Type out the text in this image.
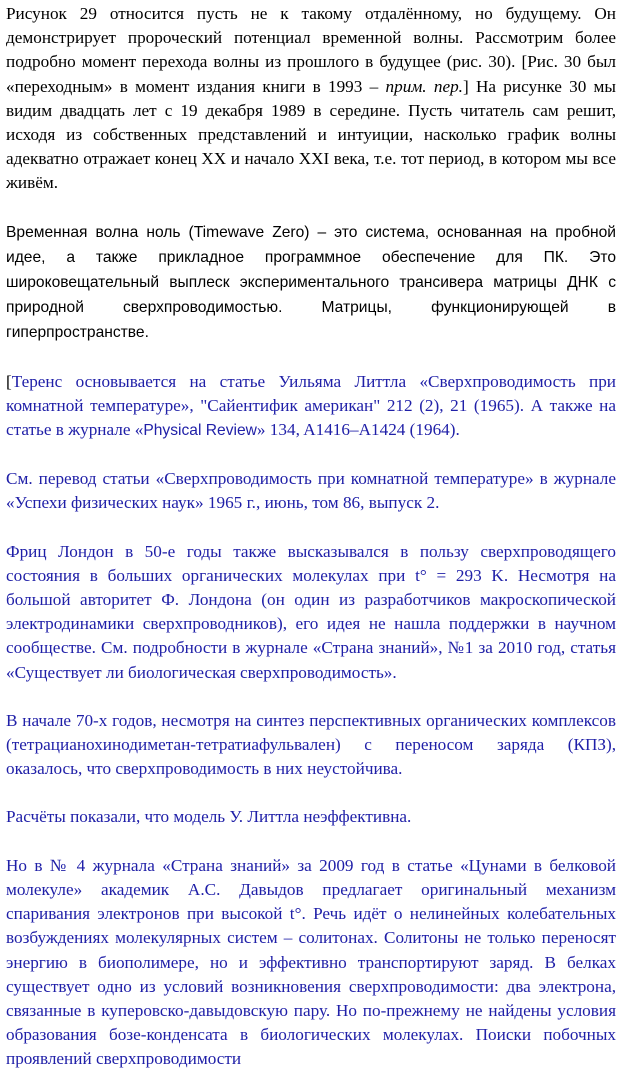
Рисунок 29 относится пусть не к такому отдалённому, но будущему. Он демонстрирует пророческий потенциал временной волны. Рассмотрим более подробно момент перехода волны из прошлого в будущее (рис. 30). [Рис. 30 был «переходным» в момент издания книги в 1993 – прим. пер.] На рисунке 30 мы видим двадцать лет с 19 декабря 1989 в середине. Пусть читатель сам решит, исходя из собственных представлений и интуиции, насколько график волны адекватно отражает конец XX и начало XXI века, т.е. тот период, в котором мы все живём.

Временная волна ноль (Timewave Zero) – это система, основанная на пробной идее, а также прикладное программное обеспечение для ПК. Это широковещательный выплеск экспериментального трансивера матрицы ДНК с природной сверхпроводимостью. Матрицы, функционирующей в гиперпространстве.

[Теренс основывается на статье Уильяма Литтла «Сверхпроводимость при комнатной температуре», "Сайентифик американ" 212 (2), 21 (1965). А также на статье в журнале «Physical Review» 134, A1416–A1424 (1964).

См. перевод статьи «Сверхпроводимость при комнатной температуре» в журнале «Успехи физических наук» 1965 г., июнь, том 86, выпуск 2.

Фриц Лондон в 50-е годы также высказывался в пользу сверхпроводящего состояния в больших органических молекулах при t° = 293 K. Несмотря на большой авторитет Ф. Лондона (он один из разработчиков макроскопической электродинамики сверхпроводников), его идея не нашла поддержки в научном сообществе. См. подробности в журнале «Страна знаний», №1 за 2010 год, статья «Существует ли биологическая сверхпроводимость».

В начале 70-х годов, несмотря на синтез перспективных органических комплексов (тетрацианохинодиметан-тетратиафульвален) с переносом заряда (КПЗ), оказалось, что сверхпроводимость в них неустойчива.

Расчёты показали, что модель У. Литтла неэффективна.

Но в № 4 журнала «Страна знаний» за 2009 год в статье «Цунами в белковой молекуле» академик А.С. Давыдов предлагает оригинальный механизм спаривания электронов при высокой t°. Речь идёт о нелинейных колебательных возбуждениях молекулярных систем – солитонах. Солитоны не только переносят энергию в биополимере, но и эффективно транспортируют заряд. В белках существует одно из условий возникновения сверхпроводимости: два электрона, связанные в куперовско-давыдовскую пару. Но по-прежнему не найдены условия образования бозе-конденсата в биологических молекулах. Поиски побочных проявлений сверхпроводимости
